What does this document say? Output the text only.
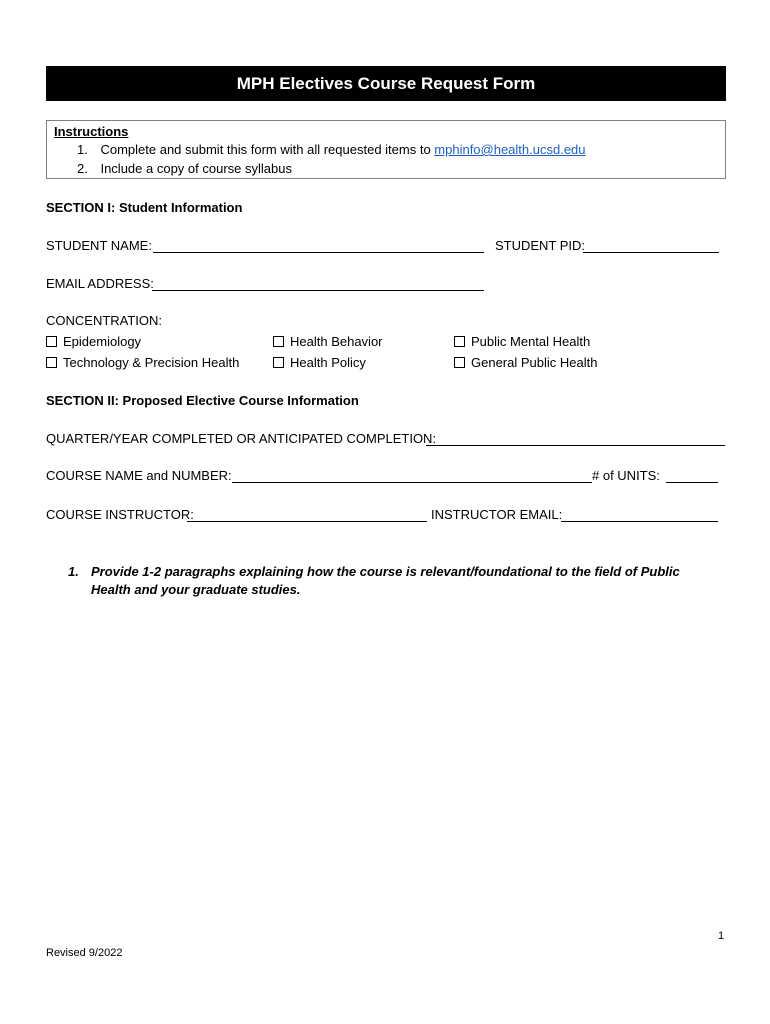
MPH Electives Course Request Form
Instructions
1. Complete and submit this form with all requested items to mphinfo@health.ucsd.edu
2. Include a copy of course syllabus
SECTION I: Student Information
STUDENT NAME:	STUDENT PID:
EMAIL ADDRESS:
CONCENTRATION:
Epidemiology
Technology & Precision Health
Health Behavior
Health Policy
Public Mental Health
General Public Health
SECTION II: Proposed Elective Course Information
QUARTER/YEAR COMPLETED OR ANTICIPATED COMPLETION:
COURSE NAME and NUMBER:	# of UNITS:
COURSE INSTRUCTOR:	INSTRUCTOR EMAIL:
1. Provide 1-2 paragraphs explaining how the course is relevant/foundational to the field of Public
Health and your graduate studies.
1
Revised 9/2022
